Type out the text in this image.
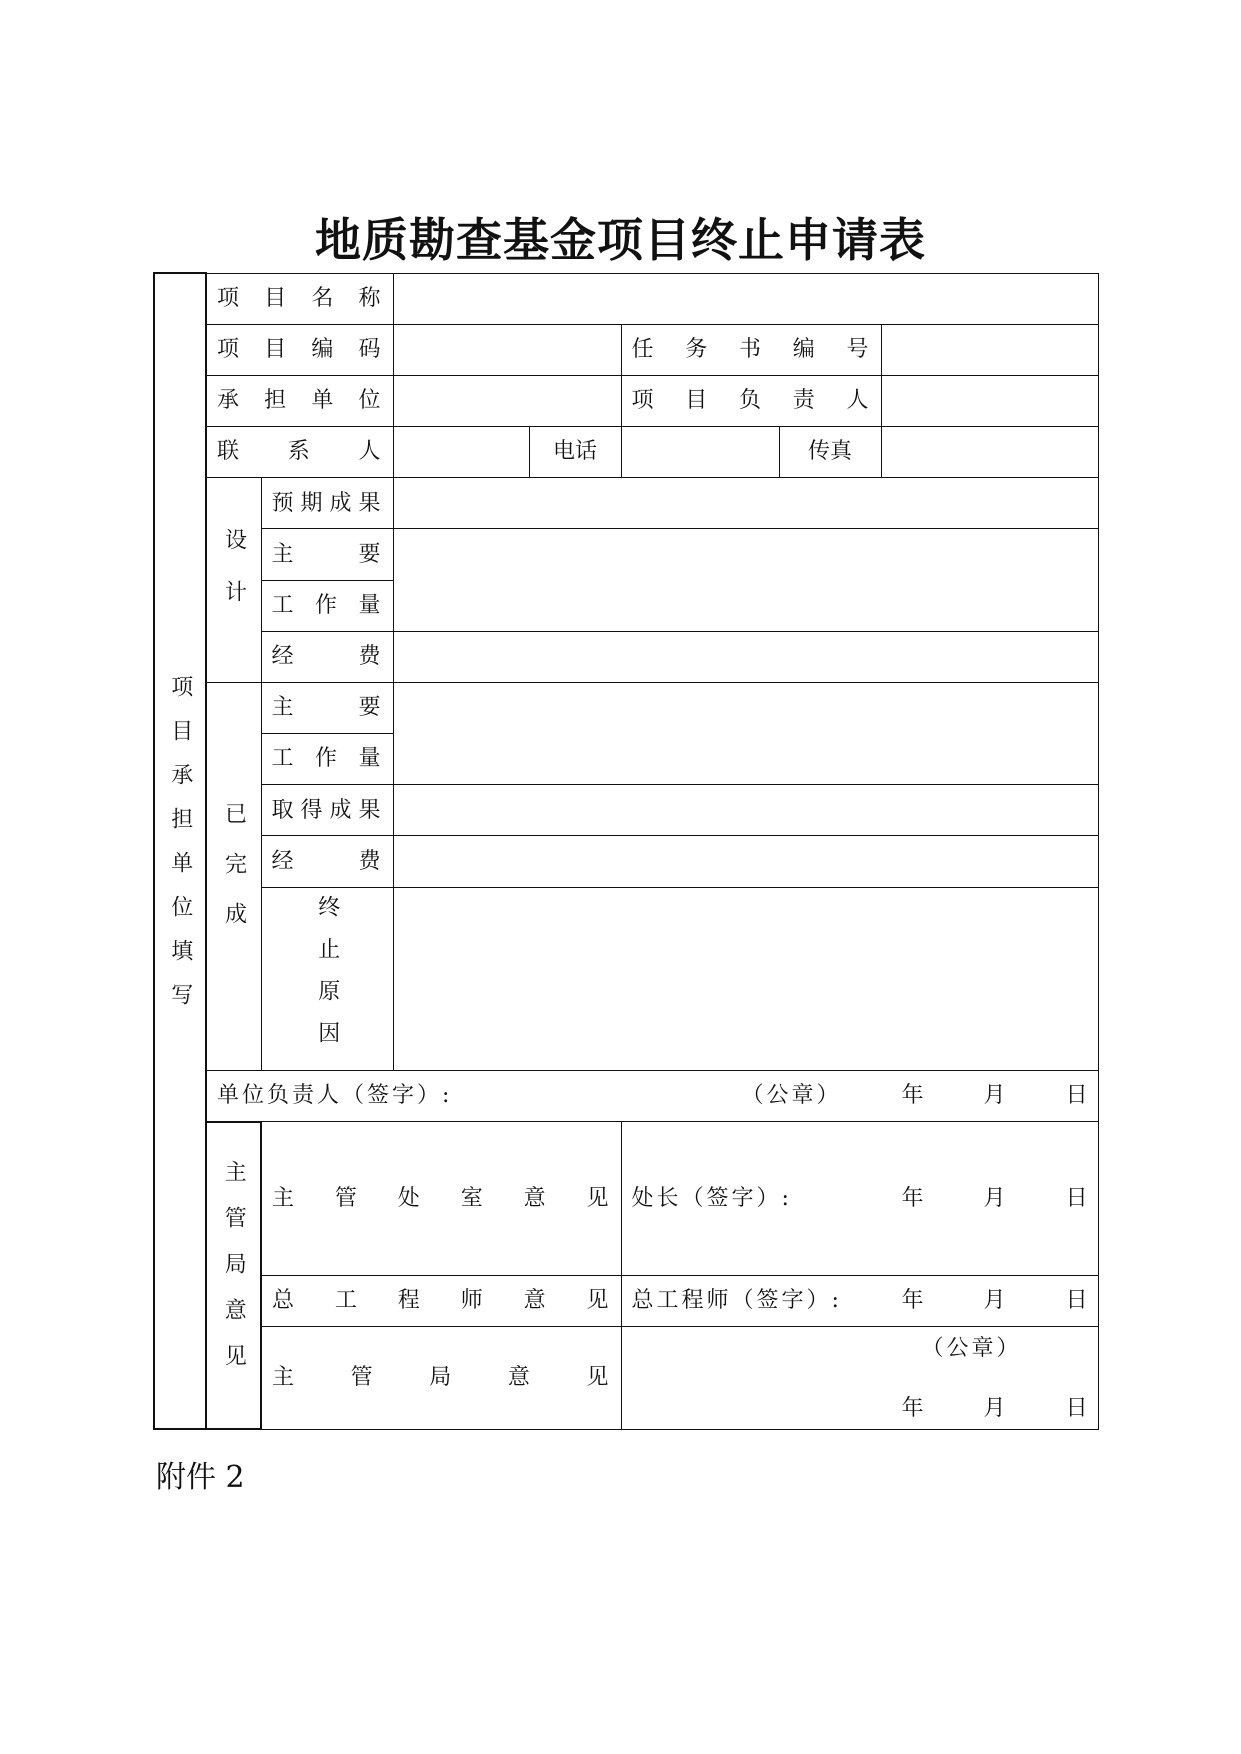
地质勘查基金项目终止申请表
项目承担单位填写	项 目 名 称						
	项 目 编 码				任务书编号		
	承 担 单 位				项目负责人		
	联 系 人			电话		传真	
	设计	预期成果					
		主 要					
		工 作 量					
		经 费					
	已完成	主 要					
		工 作 量					
		取得成果					
		经 费					
		终止原因					

	单位负责人（签字）: （公章） 年 月 日						

	主管局意见	主管处室意见			处长（签字）: 年 月 日		

		总工程师意见			总工程师（签字）: 年 月 日		

		主管局意见			（公章）
年 月 日		
附件 2
